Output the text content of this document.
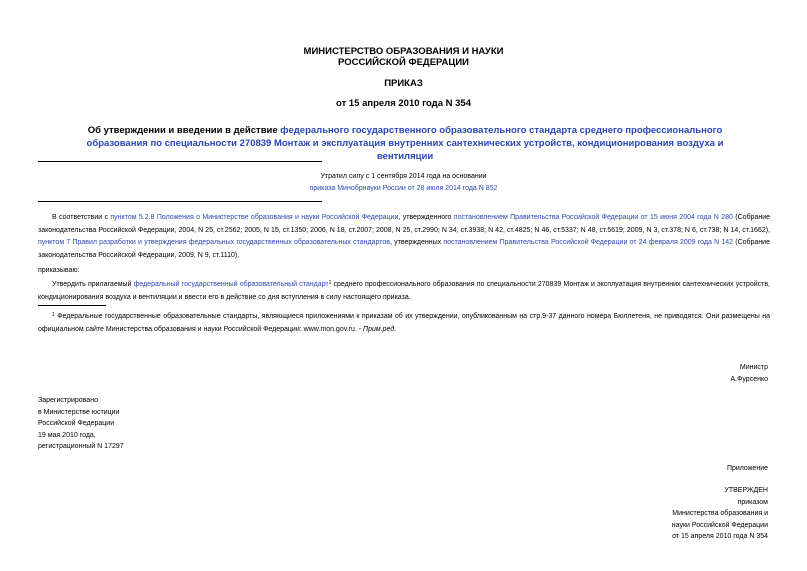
МИНИСТЕРСТВО ОБРАЗОВАНИЯ И НАУКИ
РОССИЙСКОЙ ФЕДЕРАЦИИ
ПРИКАЗ
от 15 апреля 2010 года N 354
Об утверждении и введении в действие федерального государственного образовательного стандарта среднего профессионального образования по специальности 270839 Монтаж и эксплуатация внутренних сантехнических устройств, кондиционирования воздуха и вентиляции
Утратил силу с 1 сентября 2014 года на основании
приказа Минобрнауки России от 28 июля 2014 года N 852
В соответствии с пунктом 5.2.8 Положения о Министерстве образования и науки Российской Федерации, утвержденного постановлением Правительства Российской Федерации от 15 июня 2004 года N 280 (Собрание законодательства Российской Федерации, 2004, N 25, ст.2562; 2005, N 15, ст.1350; 2006, N 18, ст.2007; 2008, N 25, ст.2990; N 34, ст.3938; N 42, ст.4825; N 46, ст.5337; N 48, ст.5619; 2009, N 3, ст.378; N 6, ст.738; N 14, ст.1662), пунктом 7 Правил разработки и утверждения федеральных государственных образовательных стандартов, утвержденных постановлением Правительства Российской Федерации от 24 февраля 2009 года N 142 (Собрание законодательства Российской Федерации, 2009, N 9, ст.1110),
приказываю:
Утвердить прилагаемый федеральный государственный образовательный стандарт$^1$ среднего профессионального образования по специальности 270839 Монтаж и эксплуатация внутренних сантехнических устройств, кондиционирования воздуха и вентиляции и ввести его в действие со дня вступления в силу настоящего приказа.
$^1$ Федеральные государственные образовательные стандарты, являющиеся приложениями к приказам об их утверждении, опубликованным на стр.9-37 данного номера Бюллетеня, не приводятся. Они размещены на официальном сайте Министерства образования и науки Российской Федерации: www.mon.gov.ru. - Прим.ред.
Министр
А.Фурсенко
Зарегистрировано
в Министерстве юстиции
Российской Федерации
19 мая 2010 года,
регистрационный N 17297
Приложение
УТВЕРЖДЕН
приказом
Министерства образования и
науки Российской Федерации
от 15 апреля 2010 года N 354
